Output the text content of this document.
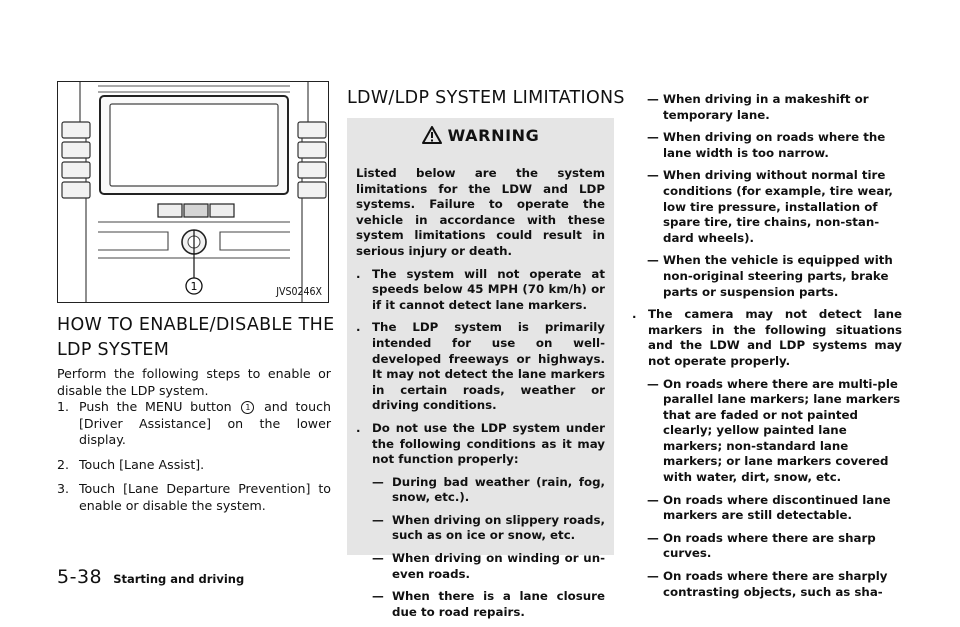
1	JVS0246X
HOW TO ENABLE/DISABLE THE
LDP SYSTEM

Perform the following steps to enable or disable the LDP system.

1. Push the MENU button 1 and touch [Driver Assistance] on the lower display.
2. Touch [Lane Assist].
3. Touch [Lane Departure Prevention] to enable or disable the system.
LDW/LDP SYSTEM LIMITATIONS
WARNING

Listed below are the system limitations for the LDW and LDP systems. Failure to operate the vehicle in accordance with these system limitations could result in serious injury or death.

. The system will not operate at speeds below 45 MPH (70 km/h) or if it cannot detect lane markers.
. The LDP system is primarily intended for use on well-developed freeways or highways. It may not detect the lane markers in certain roads, weather or driving conditions.
. Do not use the LDP system under the following conditions as it may not function properly:
— During bad weather (rain, fog, snow, etc.).
— When driving on slippery roads, such as on ice or snow, etc.
— When driving on winding or un-even roads.
— When there is a lane closure due to road repairs.
— When driving in a makeshift or temporary lane.
— When driving on roads where the lane width is too narrow.
— When driving without normal tire conditions (for example, tire wear, low tire pressure, installation of spare tire, tire chains, non-stan-dard wheels).
— When the vehicle is equipped with non-original steering parts, brake parts or suspension parts.
. The camera may not detect lane markers in the following situations and the LDW and LDP systems may not operate properly.
— On roads where there are multi-ple parallel lane markers; lane markers that are faded or not painted clearly; yellow painted lane markers; non-standard lane markers; or lane markers covered with water, dirt, snow, etc.
— On roads where discontinued lane markers are still detectable.
— On roads where there are sharp curves.
— On roads where there are sharply contrasting objects, such as sha-
5-38 Starting and driving
